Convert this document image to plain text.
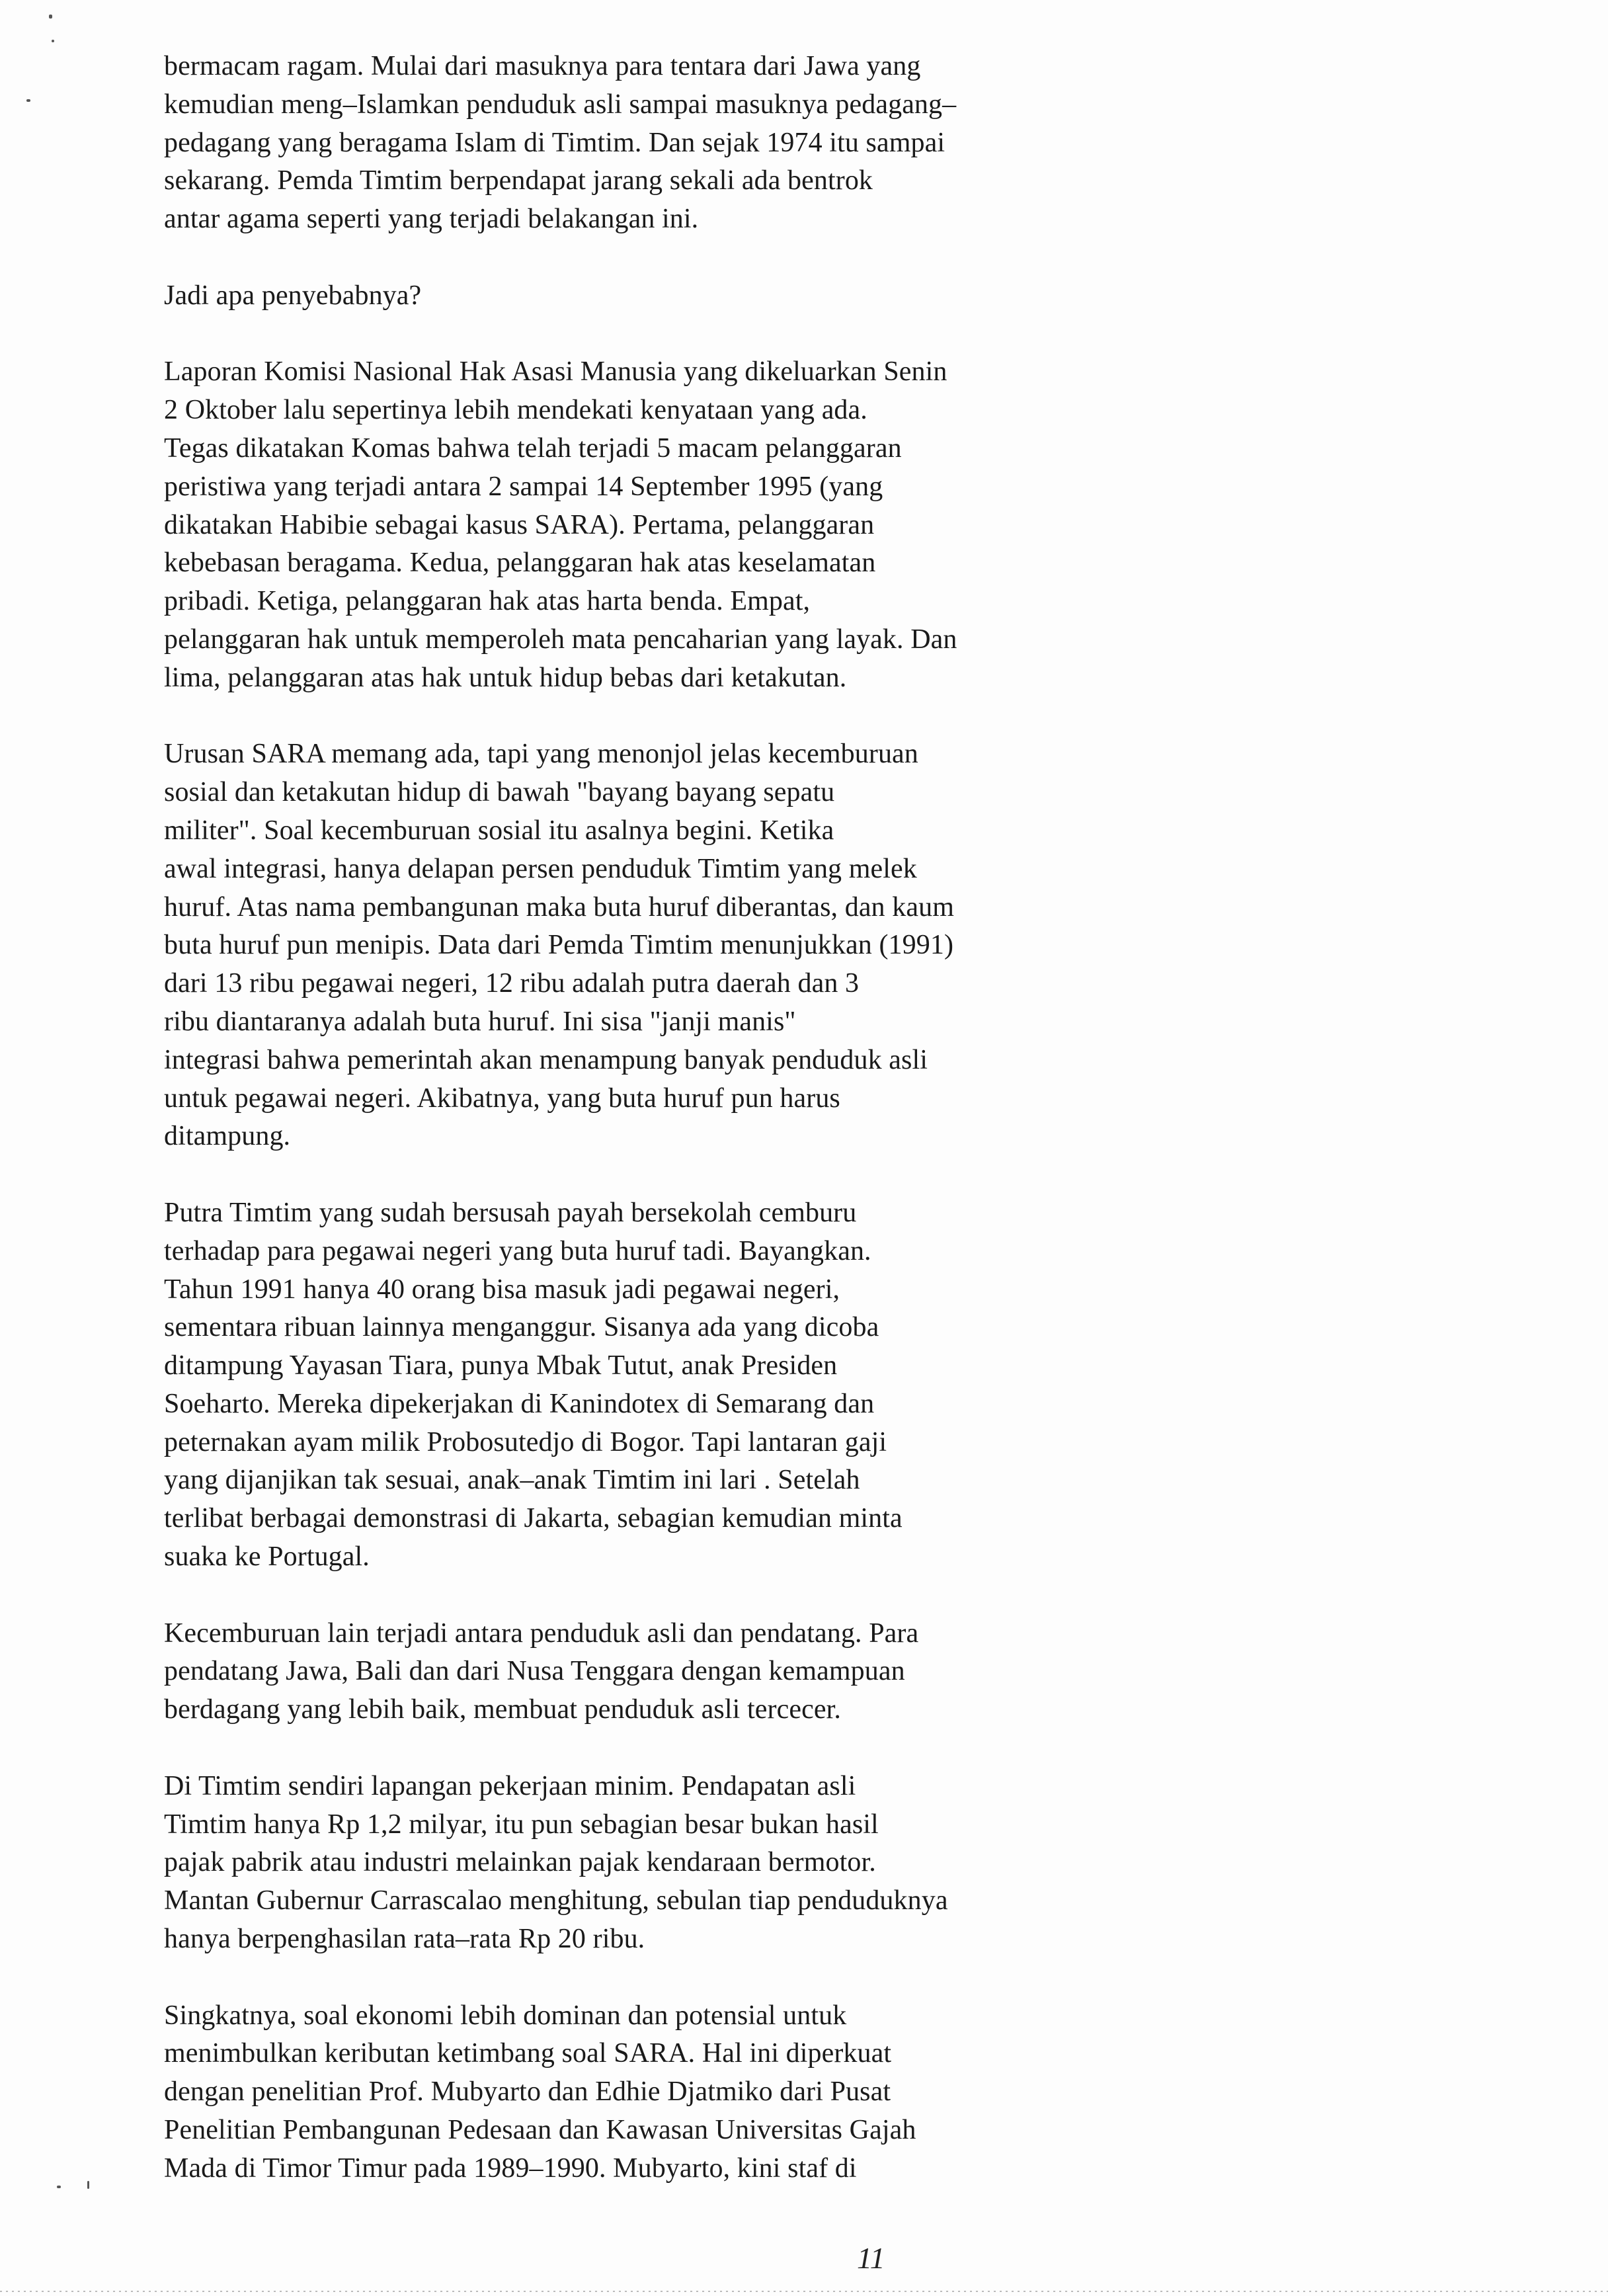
bermacam ragam. Mulai dari masuknya para tentara dari Jawa yang
kemudian meng–Islamkan penduduk asli sampai masuknya pedagang–
pedagang yang beragama Islam di Timtim. Dan sejak 1974 itu sampai
sekarang. Pemda Timtim berpendapat jarang sekali ada bentrok
antar agama seperti yang terjadi belakangan ini.
Jadi apa penyebabnya?
Laporan Komisi Nasional Hak Asasi Manusia yang dikeluarkan Senin
2 Oktober lalu sepertinya lebih mendekati kenyataan yang ada.
Tegas dikatakan Komas bahwa telah terjadi 5 macam pelanggaran
peristiwa yang terjadi antara 2 sampai 14 September 1995 (yang
dikatakan Habibie sebagai kasus SARA). Pertama, pelanggaran
kebebasan beragama. Kedua, pelanggaran hak atas keselamatan
pribadi. Ketiga, pelanggaran hak atas harta benda. Empat,
pelanggaran hak untuk memperoleh mata pencaharian yang layak. Dan
lima, pelanggaran atas hak untuk hidup bebas dari ketakutan.
Urusan SARA memang ada, tapi yang menonjol jelas kecemburuan
sosial dan ketakutan hidup di bawah "bayang bayang sepatu
militer". Soal kecemburuan sosial itu asalnya begini. Ketika
awal integrasi, hanya delapan persen penduduk Timtim yang melek
huruf. Atas nama pembangunan maka buta huruf diberantas, dan kaum
buta huruf pun menipis. Data dari Pemda Timtim menunjukkan (1991)
dari 13 ribu pegawai negeri, 12 ribu adalah putra daerah dan 3
ribu diantaranya adalah buta huruf. Ini sisa "janji manis"
integrasi bahwa pemerintah akan menampung banyak penduduk asli
untuk pegawai negeri. Akibatnya, yang buta huruf pun harus
ditampung.
Putra Timtim yang sudah bersusah payah bersekolah cemburu
terhadap para pegawai negeri yang buta huruf tadi. Bayangkan.
Tahun 1991 hanya 40 orang bisa masuk jadi pegawai negeri,
sementara ribuan lainnya menganggur. Sisanya ada yang dicoba
ditampung Yayasan Tiara, punya Mbak Tutut, anak Presiden
Soeharto. Mereka dipekerjakan di Kanindotex di Semarang dan
peternakan ayam milik Probosutedjo di Bogor. Tapi lantaran gaji
yang dijanjikan tak sesuai, anak–anak Timtim ini lari . Setelah
terlibat berbagai demonstrasi di Jakarta, sebagian kemudian minta
suaka ke Portugal.
Kecemburuan lain terjadi antara penduduk asli dan pendatang. Para
pendatang Jawa, Bali dan dari Nusa Tenggara dengan kemampuan
berdagang yang lebih baik, membuat penduduk asli tercecer.
Di Timtim sendiri lapangan pekerjaan minim. Pendapatan asli
Timtim hanya Rp 1,2 milyar, itu pun sebagian besar bukan hasil
pajak pabrik atau industri melainkan pajak kendaraan bermotor.
Mantan Gubernur Carrascalao menghitung, sebulan tiap penduduknya
hanya berpenghasilan rata–rata Rp 20 ribu.
Singkatnya, soal ekonomi lebih dominan dan potensial untuk
menimbulkan keributan ketimbang soal SARA. Hal ini diperkuat
dengan penelitian Prof. Mubyarto dan Edhie Djatmiko dari Pusat
Penelitian Pembangunan Pedesaan dan Kawasan Universitas Gajah
Mada di Timor Timur pada 1989–1990. Mubyarto, kini staf di
11
